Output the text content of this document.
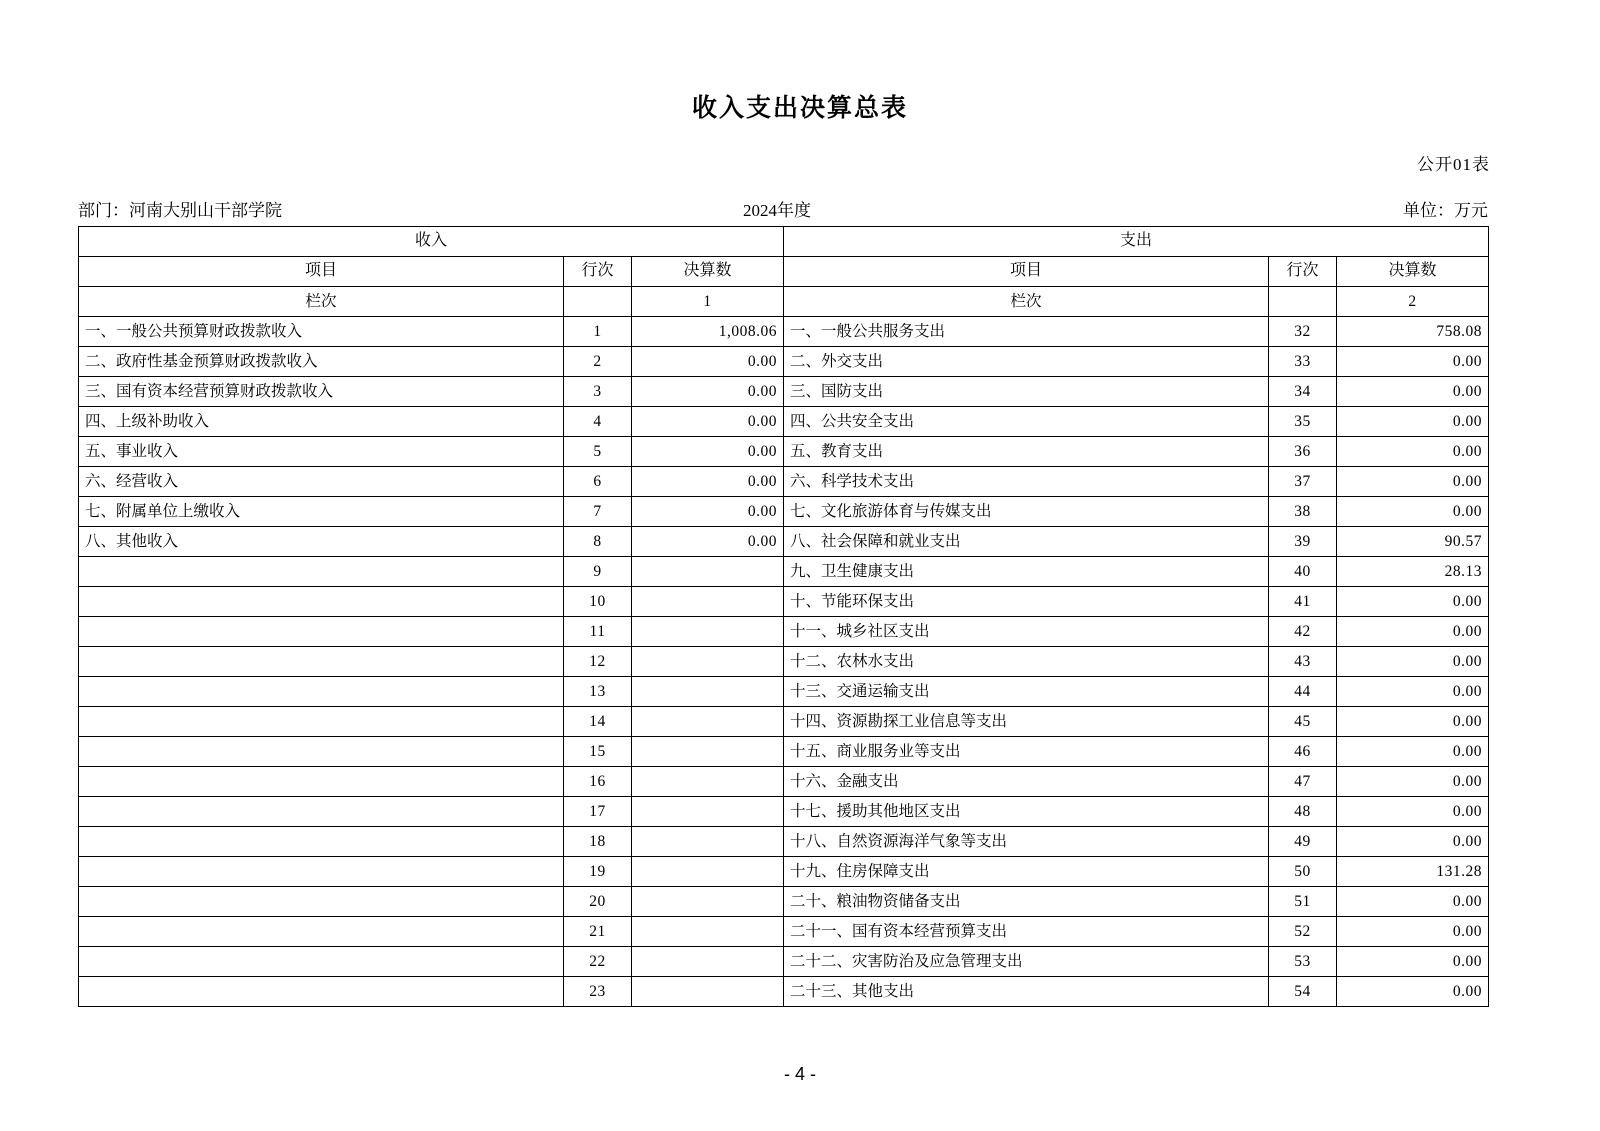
收入支出决算总表
公开01表
部门：河南大别山干部学院	2024年度	单位：万元
收入			支出		
项目	行次	决算数	项目	行次	决算数
栏次		1	栏次		2
一、一般公共预算财政拨款收入	1	1,008.06	一、一般公共服务支出	32	758.08
二、政府性基金预算财政拨款收入	2	0.00	二、外交支出	33	0.00
三、国有资本经营预算财政拨款收入	3	0.00	三、国防支出	34	0.00
四、上级补助收入	4	0.00	四、公共安全支出	35	0.00
五、事业收入	5	0.00	五、教育支出	36	0.00
六、经营收入	6	0.00	六、科学技术支出	37	0.00
七、附属单位上缴收入	7	0.00	七、文化旅游体育与传媒支出	38	0.00
八、其他收入	8	0.00	八、社会保障和就业支出	39	90.57
	9		九、卫生健康支出	40	28.13
	10		十、节能环保支出	41	0.00
	11		十一、城乡社区支出	42	0.00
	12		十二、农林水支出	43	0.00
	13		十三、交通运输支出	44	0.00
	14		十四、资源勘探工业信息等支出	45	0.00
	15		十五、商业服务业等支出	46	0.00
	16		十六、金融支出	47	0.00
	17		十七、援助其他地区支出	48	0.00
	18		十八、自然资源海洋气象等支出	49	0.00
	19		十九、住房保障支出	50	131.28
	20		二十、粮油物资储备支出	51	0.00
	21		二十一、国有资本经营预算支出	52	0.00
	22		二十二、灾害防治及应急管理支出	53	0.00
	23		二十三、其他支出	54	0.00
- 4 -
